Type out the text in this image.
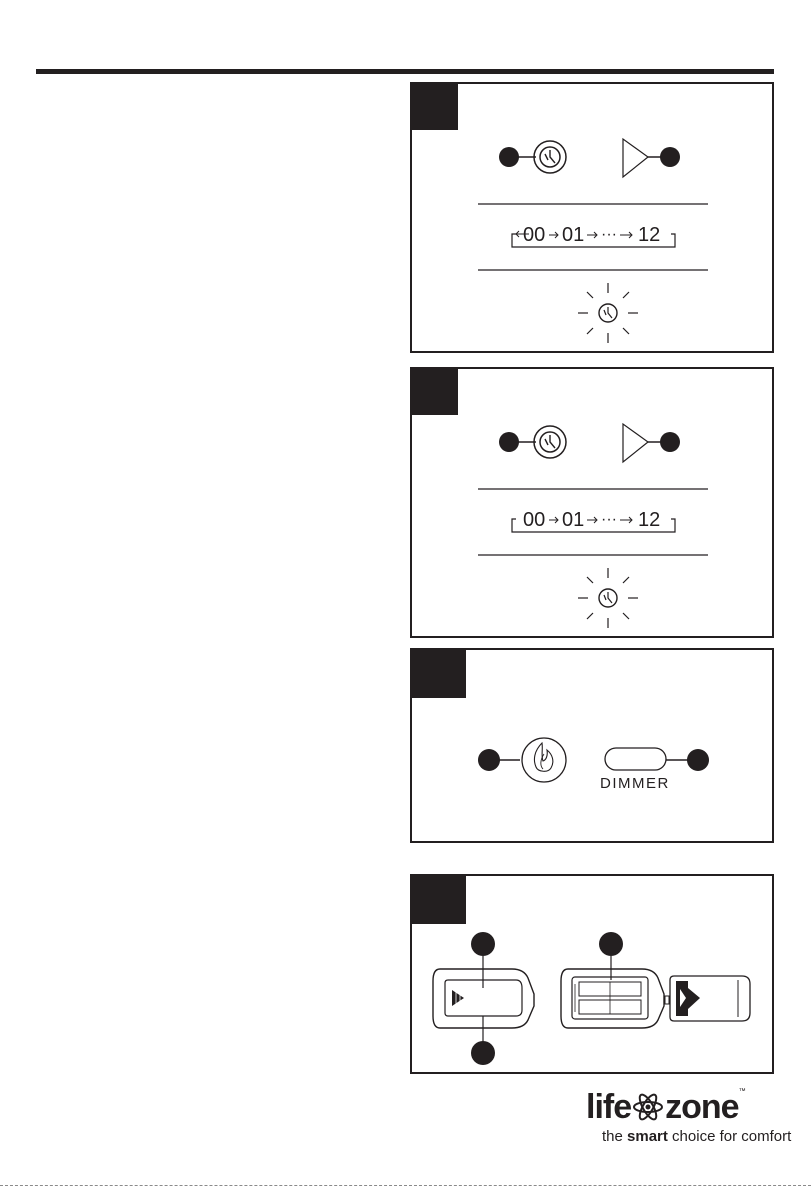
00 01 ··· 12
00 01 ··· 12
DIMMER
life zone™
the smart choice for comfort
